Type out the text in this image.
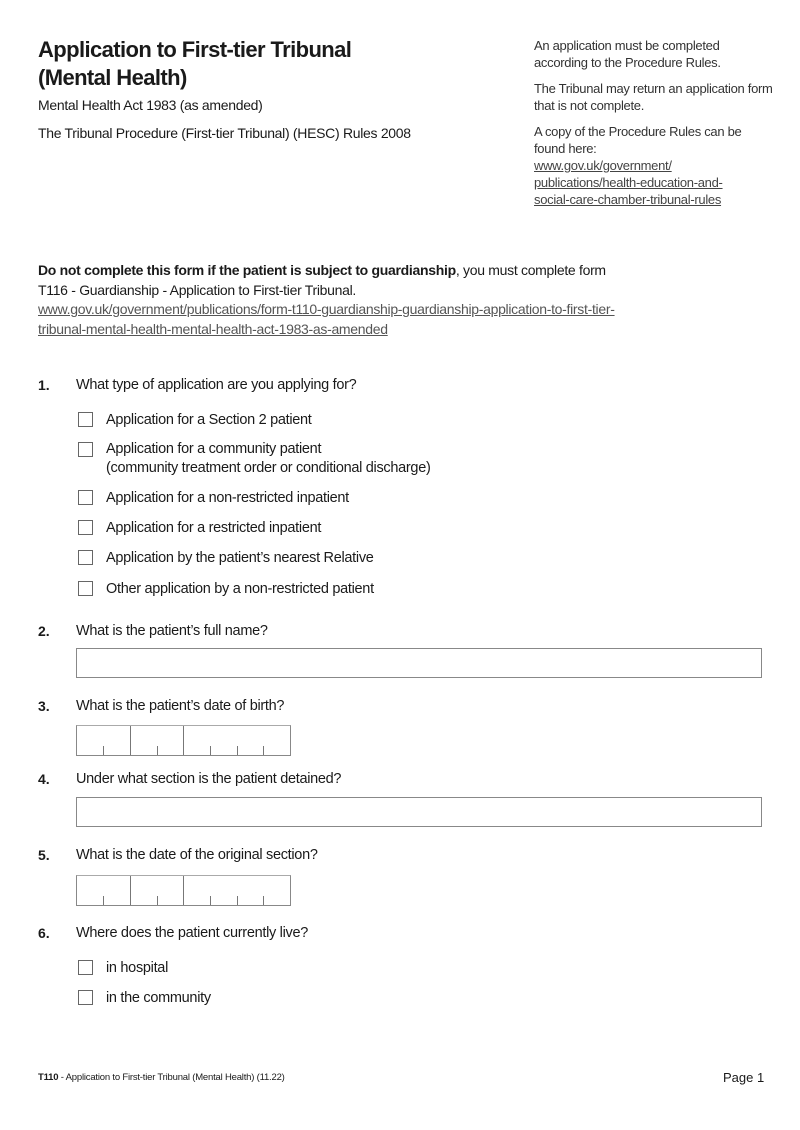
Application to First-tier Tribunal
(Mental Health)
Mental Health Act 1983 (as amended)
The Tribunal Procedure (First-tier Tribunal) (HESC) Rules 2008

An application must be completed according to the Procedure Rules.

The Tribunal may return an application form that is not complete.

A copy of the Procedure Rules can be found here:

www.gov.uk/government/
publications/health-education-and-
social-care-chamber-tribunal-rules
Do not complete this form if the patient is subject to guardianship, you must complete form
T116 - Guardianship - Application to First-tier Tribunal.
www.gov.uk/government/publications/form-t110-guardianship-guardianship-application-to-first-tier-
tribunal-mental-health-mental-health-act-1983-as-amended
1. What type of application are you applying for?
Application for a Section 2 patient
Application for a community patient
(community treatment order or conditional discharge)
Application for a non-restricted inpatient
Application for a restricted inpatient
Application by the patient’s nearest Relative
Other application by a non-restricted patient
2. What is the patient’s full name?
3. What is the patient’s date of birth?
4. Under what section is the patient detained?
5. What is the date of the original section?
6. Where does the patient currently live?
in hospital
in the community
T110 - Application to First-tier Tribunal (Mental Health) (11.22)	Page 1
